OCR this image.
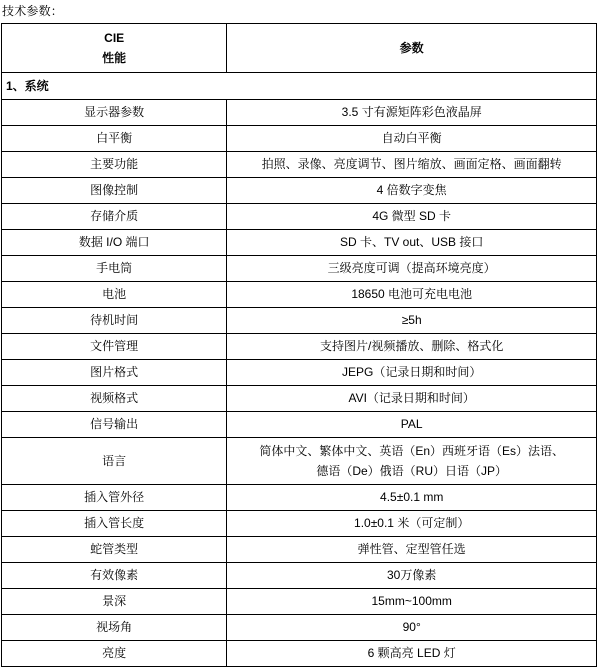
技术参数：
CIE
性能	参数
1、系统	
显示器参数	3.5 寸有源矩阵彩色液晶屏
白平衡	自动白平衡
主要功能	拍照、录像、亮度调节、图片缩放、画面定格、画面翻转
图像控制	4 倍数字变焦
存储介质	4G 微型 SD 卡
数据 I/O 端口	SD 卡、TV out、USB 接口
手电筒	三级亮度可调（提高环境亮度）
电池	18650 电池可充电电池
待机时间	≥5h
文件管理	支持图片/视频播放、删除、格式化
图片格式	JEPG（记录日期和时间）
视频格式	AVI（记录日期和时间）
信号输出	PAL
语言	简体中文、繁体中文、英语（En）西班牙语（Es）法语、
德语（De）俄语（RU）日语（JP）

插入管外径	4.5±0.1 mm
插入管长度	1.0±0.1 米（可定制）
蛇管类型	弹性管、定型管任选
有效像素	30万像素
景深	15mm~100mm
视场角	90°
亮度	6 颗高亮 LED 灯
